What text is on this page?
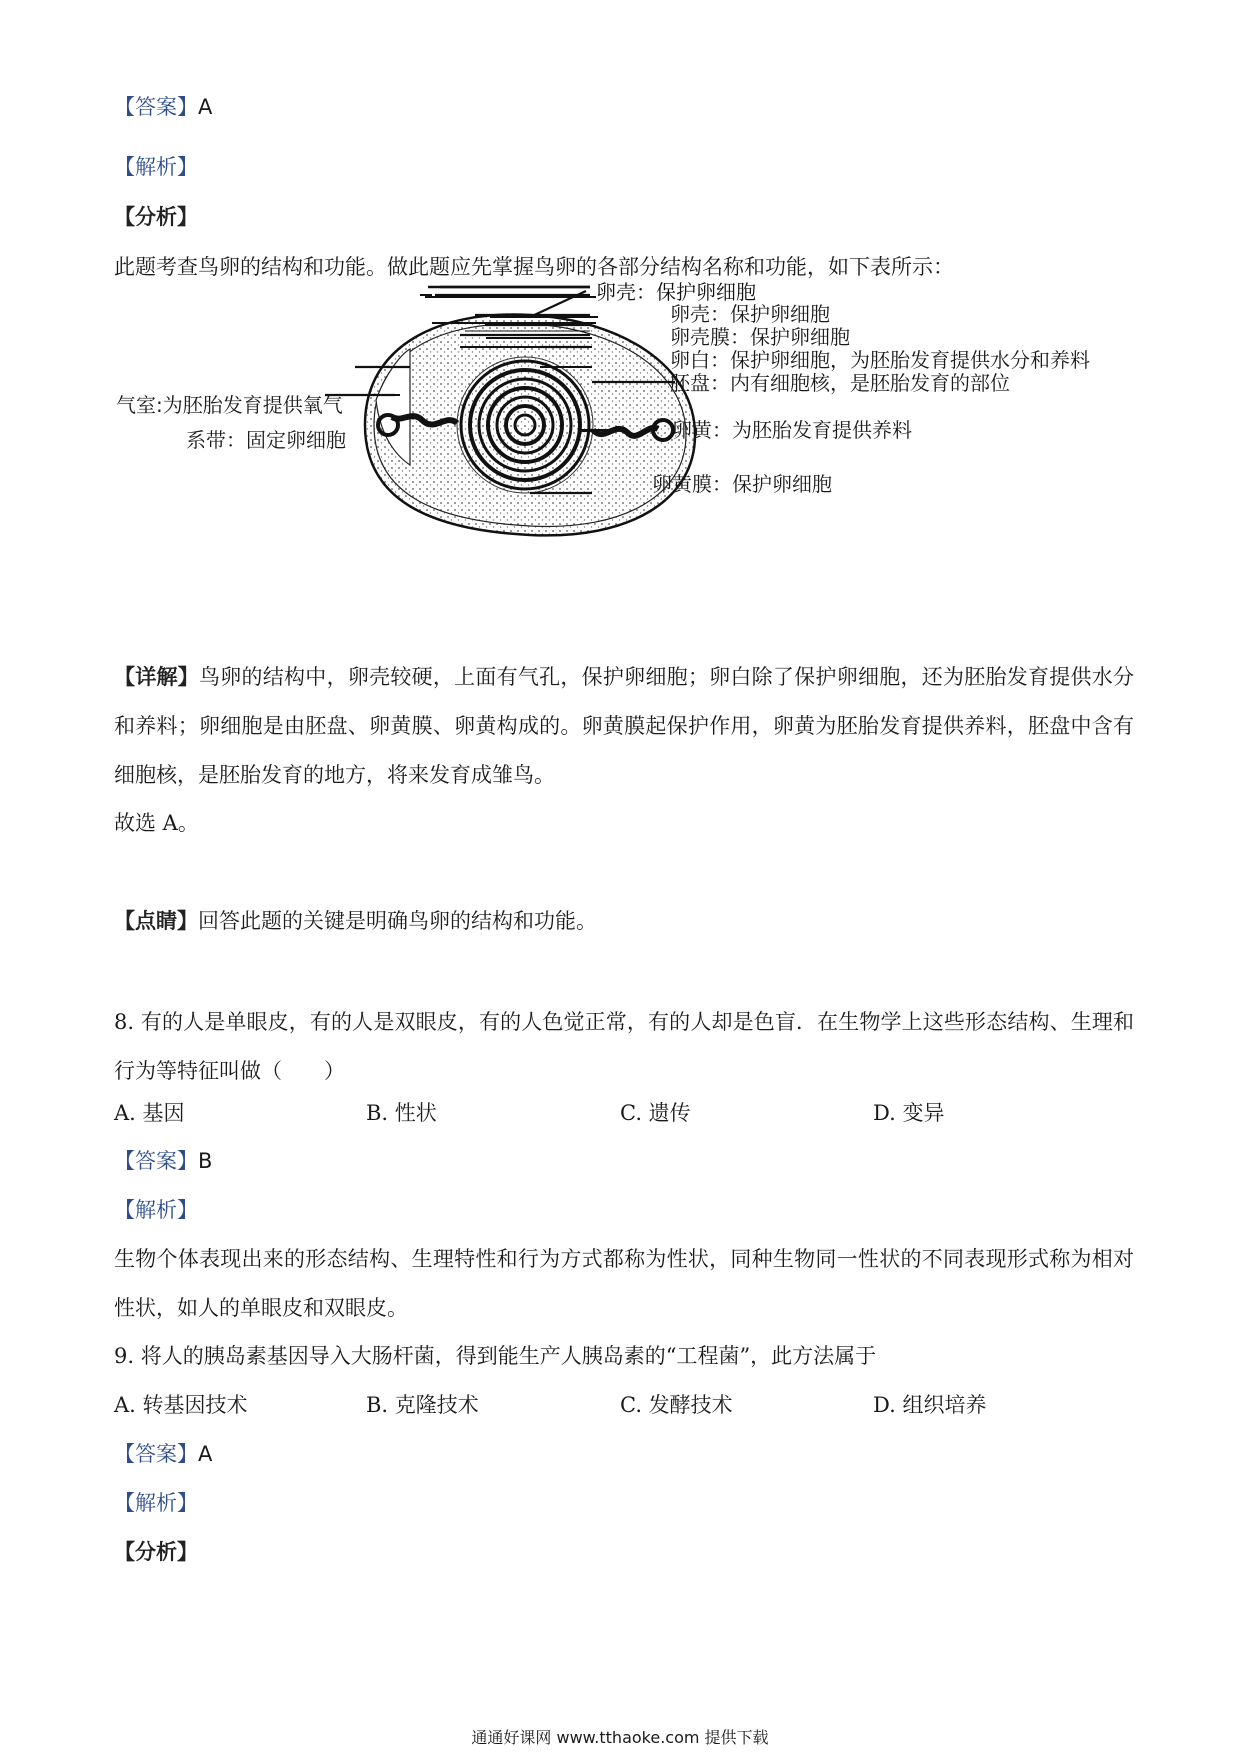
【答案】A
【解析】
【分析】
此题考查鸟卵的结构和功能。做此题应先掌握鸟卵的各部分结构名称和功能，如下表所示：
卵壳：保护卵细胞
卵壳：保护卵细胞
卵壳膜：保护卵细胞
卵白：保护卵细胞，为胚胎发育提供水分和养料
胚盘：内有细胞核，是胚胎发育的部位
卵黄：为胚胎发育提供养料
卵黄膜：保护卵细胞
气室:为胚胎发育提供氧气
系带：固定卵细胞
【详解】鸟卵的结构中，卵壳较硬，上面有气孔，保护卵细胞；卵白除了保护卵细胞，还为胚胎发育提供水分和养料；卵细胞是由胚盘、卵黄膜、卵黄构成的。卵黄膜起保护作用，卵黄为胚胎发育提供养料，胚盘中含有细胞核，是胚胎发育的地方，将来发育成雏鸟。
故选 A。
【点睛】回答此题的关键是明确鸟卵的结构和功能。
8. 有的人是单眼皮，有的人是双眼皮，有的人色觉正常，有的人却是色盲．在生物学上这些形态结构、生理和行为等特征叫做（　　）
A. 基因	B. 性状	C. 遗传	D. 变异
【答案】B
【解析】
生物个体表现出来的形态结构、生理特性和行为方式都称为性状，同种生物同一性状的不同表现形式称为相对性状，如人的单眼皮和双眼皮。
9. 将人的胰岛素基因导入大肠杆菌，得到能生产人胰岛素的“工程菌”，此方法属于
A. 转基因技术	B. 克隆技术	C. 发酵技术	D. 组织培养
【答案】A
【解析】
【分析】
通通好课网 www.tthaoke.com 提供下载
